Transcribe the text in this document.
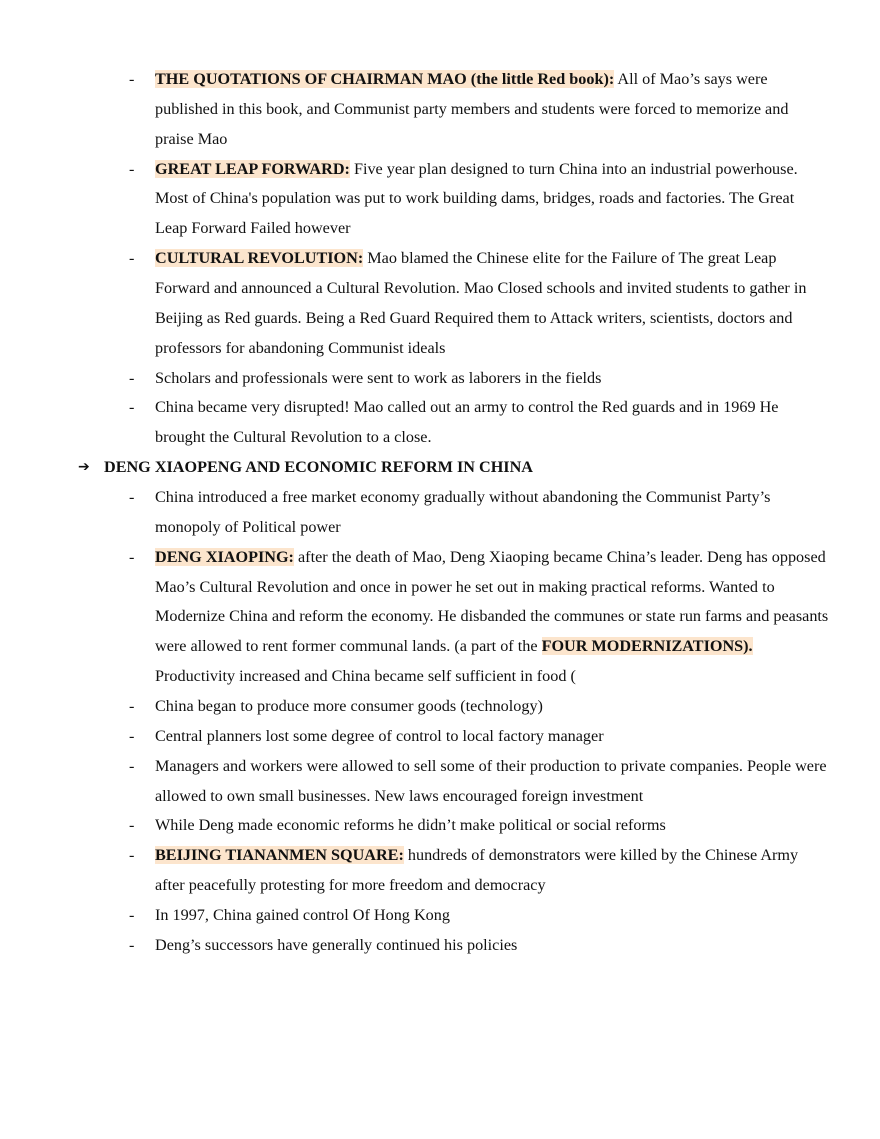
- THE QUOTATIONS OF CHAIRMAN MAO (the little Red book): All of Mao’s says were published in this book, and Communist party members and students were forced to memorize and praise Mao
- GREAT LEAP FORWARD: Five year plan designed to turn China into an industrial powerhouse. Most of China's population was put to work building dams, bridges, roads and factories. The Great Leap Forward Failed however
- CULTURAL REVOLUTION: Mao blamed the Chinese elite for the Failure of The great Leap Forward and announced a Cultural Revolution. Mao Closed schools and invited students to gather in Beijing as Red guards. Being a Red Guard Required them to Attack writers, scientists, doctors and professors for abandoning Communist ideals
- Scholars and professionals were sent to work as laborers in the fields
- China became very disrupted! Mao called out an army to control the Red guards and in 1969 He brought the Cultural Revolution to a close.
➔ DENG XIAOPENG AND ECONOMIC REFORM IN CHINA
- China introduced a free market economy gradually without abandoning the Communist Party’s monopoly of Political power
- DENG XIAOPING: after the death of Mao, Deng Xiaoping became China’s leader. Deng has opposed Mao’s Cultural Revolution and once in power he set out in making practical reforms. Wanted to Modernize China and reform the economy. He disbanded the communes or state run farms and peasants were allowed to rent former communal lands. (a part of the FOUR MODERNIZATIONS). Productivity increased and China became self sufficient in food (
- China began to produce more consumer goods (technology)
- Central planners lost some degree of control to local factory manager
- Managers and workers were allowed to sell some of their production to private companies. People were allowed to own small businesses. New laws encouraged foreign investment
- While Deng made economic reforms he didn’t make political or social reforms
- BEIJING TIANANMEN SQUARE: hundreds of demonstrators were killed by the Chinese Army after peacefully protesting for more freedom and democracy
- In 1997, China gained control Of Hong Kong
- Deng’s successors have generally continued his policies
